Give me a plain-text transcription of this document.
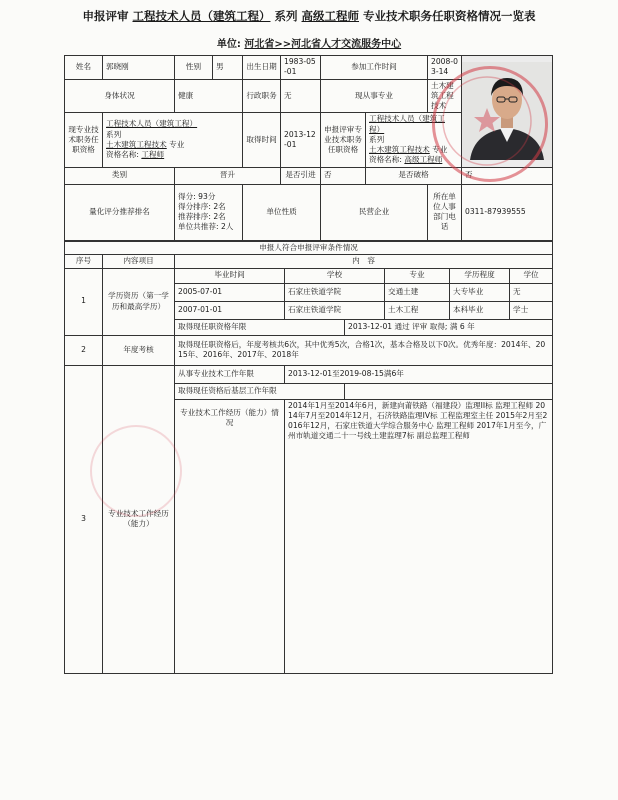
申报评审 工程技术人员（建筑工程） 系列 高级工程师 专业技术职务任职资格情况一览表
单位: 河北省>>河北省人才交流服务中心
姓名	郭晓刚	性别	男	出生日期	1983-05-01	参加工作时间		2008-03-14	

身体状况		健康		行政职务	无	现从事专业		土木建筑工程技术	
现专业技术职务任职资格	工程技术人员（建筑工程）
系列
土木建筑工程技术 专业
资格名称: 工程师			取得时间	2013-12-01	申报评审专业技术职务任职资格	工程技术人员（建筑工程）
系列
土木建筑工程技术 专业
资格名称: 高级工程师		
类别		晋升			是否引进	否	是否破格		否
量化评分推荐排名		得分: 93分
得分排序: 2名
推荐排序: 2名
单位共推荐: 2人		单位性质		民营企业		所在单位人事部门电话	0311-87939555
申报人符合申报评审条件情况							
序号	内容项目	内　容					
1	学历资历（第一学历和最高学历）	毕业时间	学校		专业	学历程度	学位
		2005-07-01	石家庄铁道学院		交通土建	大专毕业	无
		2007-01-01	石家庄铁道学院		土木工程	本科毕业	学士
		取得现任职资格年限		2013-12-01 通过 评审 取得; 满 6 年			
2	年度考核	取得现任职资格后，年度考核共6次，其中优秀5次，合格1次，基本合格及以下0次。优秀年度：2014年、2015年、2016年、2017年、2018年					
3	专业技术工作经历（能力）	从事专业技术工作年限	2013-12-01至2019-08-15满6年				
		取得现任资格后基层工作年限					
		专业技术工作经历（能力）情况	2014年1月至2014年6月，新建向莆铁路（福建段）监理II标 监理工程师 2014年7月至2014年12月，石济铁路监理IV标 工程监理室主任 2015年2月至2016年12月，石家庄铁道大学综合服务中心 监理工程师 2017年1月至今，广州市轨道交通二十一号线土建监理7标 副总监理工程师				
